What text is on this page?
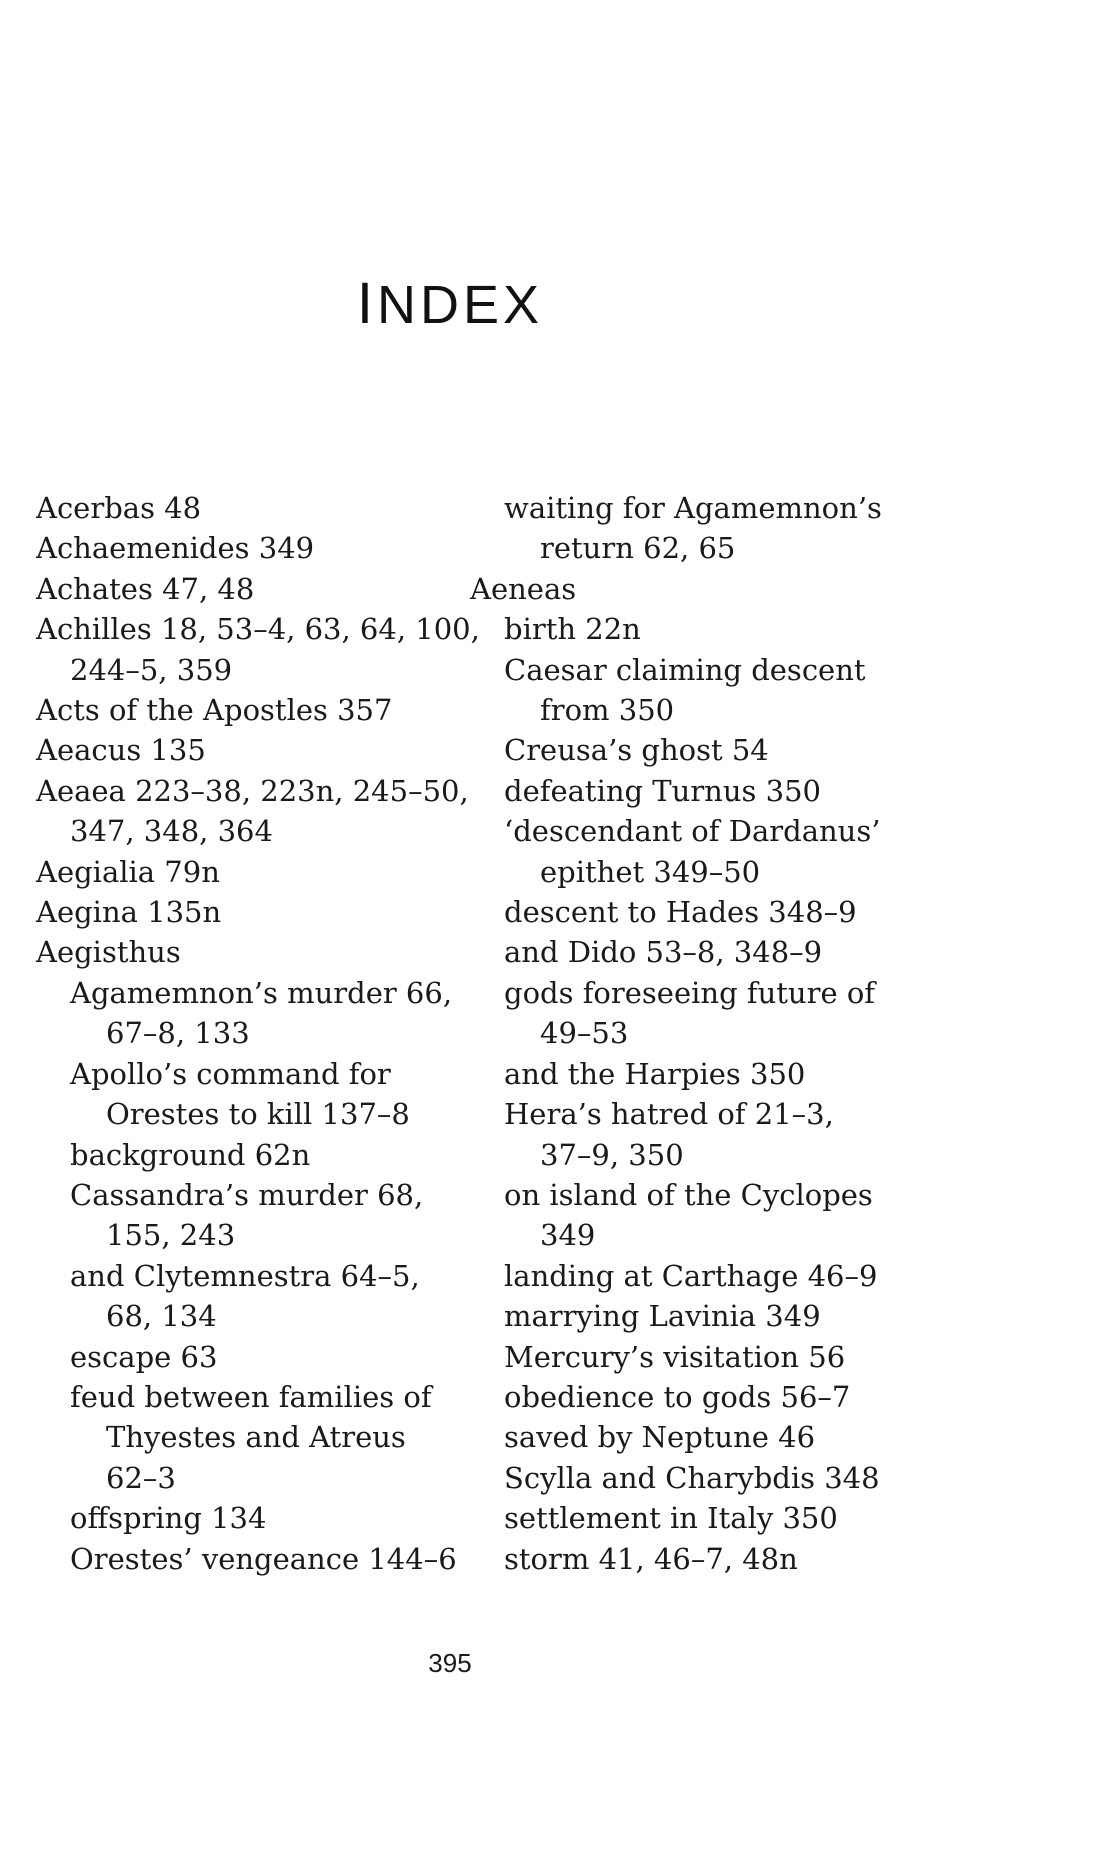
INDEX
Acerbas 48
Achaemenides 349
Achates 47, 48
Achilles 18, 53–4, 63, 64, 100,
244–5, 359
Acts of the Apostles 357
Aeacus 135
Aeaea 223–38, 223n, 245–50,
347, 348, 364
Aegialia 79n
Aegina 135n
Aegisthus
Agamemnon’s murder 66,
67–8, 133
Apollo’s command for
Orestes to kill 137–8
background 62n
Cassandra’s murder 68,
155, 243
and Clytemnestra 64–5,
68, 134
escape 63
feud between families of
Thyestes and Atreus
62–3
offspring 134
Orestes’ vengeance 144–6
waiting for Agamemnon’s
return 62, 65
Aeneas
birth 22n
Caesar claiming descent
from 350
Creusa’s ghost 54
defeating Turnus 350
‘descendant of Dardanus’
epithet 349–50
descent to Hades 348–9
and Dido 53–8, 348–9
gods foreseeing future of
49–53
and the Harpies 350
Hera’s hatred of 21–3,
37–9, 350
on island of the Cyclopes
349
landing at Carthage 46–9
marrying Lavinia 349
Mercury’s visitation 56
obedience to gods 56–7
saved by Neptune 46
Scylla and Charybdis 348
settlement in Italy 350
storm 41, 46–7, 48n
395
